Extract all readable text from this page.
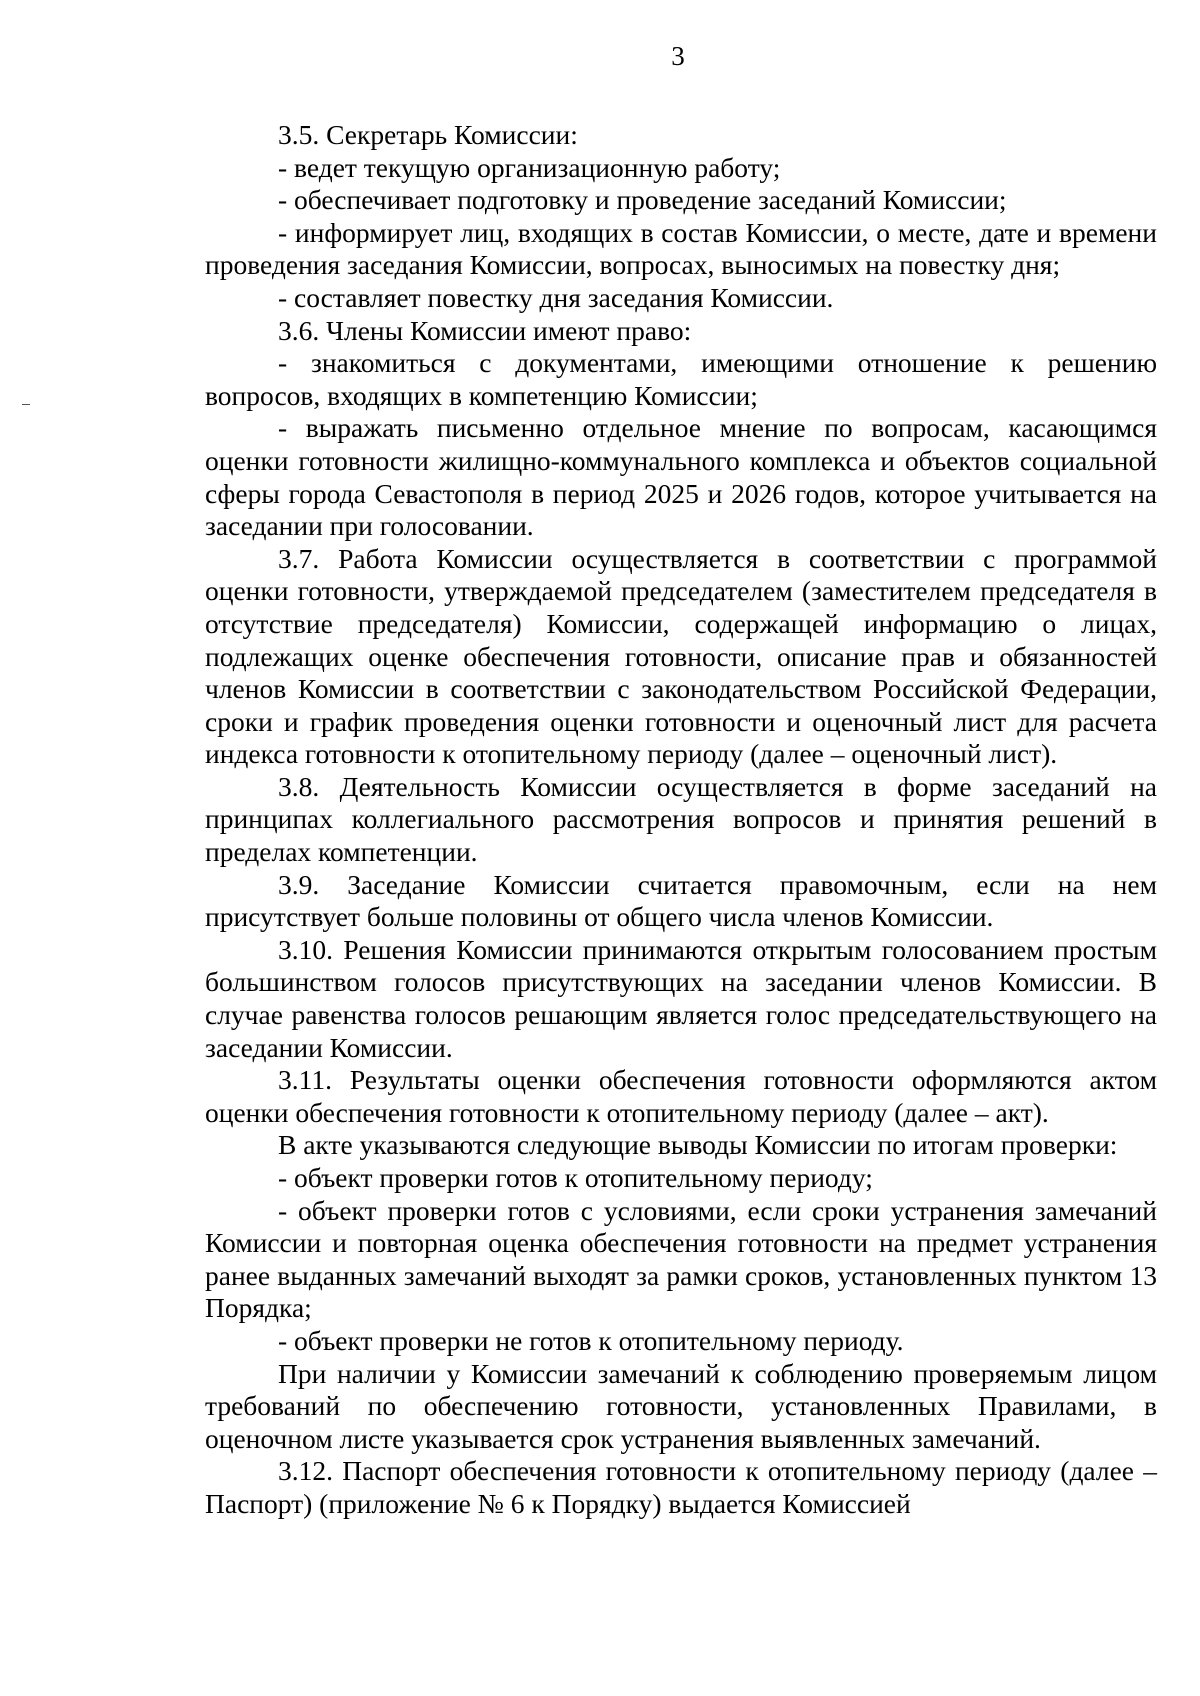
3

3.5. Секретарь Комиссии:

- ведет текущую организационную работу;

- обеспечивает подготовку и проведение заседаний Комиссии;

- информирует лиц, входящих в состав Комиссии, о месте, дате и времени проведения заседания Комиссии, вопросах, выносимых на повестку дня;

- составляет повестку дня заседания Комиссии.

3.6. Члены Комиссии имеют право:

- знакомиться с документами, имеющими отношение к решению вопросов, входящих в компетенцию Комиссии;

- выражать письменно отдельное мнение по вопросам, касающимся оценки готовности жилищно-коммунального комплекса и объектов социальной сферы города Севастополя в период 2025 и 2026 годов, которое учитывается на заседании при голосовании.

3.7. Работа Комиссии осуществляется в соответствии с программой оценки готовности, утверждаемой председателем (заместителем председателя в отсутствие председателя) Комиссии, содержащей информацию о лицах, подлежащих оценке обеспечения готовности, описание прав и обязанностей членов Комиссии в соответствии с законодательством Российской Федерации, сроки и график проведения оценки готовности и оценочный лист для расчета индекса готовности к отопительному периоду (далее – оценочный лист).

3.8. Деятельность Комиссии осуществляется в форме заседаний на принципах коллегиального рассмотрения вопросов и принятия решений в пределах компетенции.

3.9. Заседание Комиссии считается правомочным, если на нем присутствует больше половины от общего числа членов Комиссии.

3.10. Решения Комиссии принимаются открытым голосованием простым большинством голосов присутствующих на заседании членов Комиссии. В случае равенства голосов решающим является голос председательствующего на заседании Комиссии.

3.11. Результаты оценки обеспечения готовности оформляются актом оценки обеспечения готовности к отопительному периоду (далее – акт).

В акте указываются следующие выводы Комиссии по итогам проверки:

- объект проверки готов к отопительному периоду;

- объект проверки готов с условиями, если сроки устранения замечаний Комиссии и повторная оценка обеспечения готовности на предмет устранения ранее выданных замечаний выходят за рамки сроков, установленных пунктом 13 Порядка;

- объект проверки не готов к отопительному периоду.

При наличии у Комиссии замечаний к соблюдению проверяемым лицом требований по обеспечению готовности, установленных Правилами, в оценочном листе указывается срок устранения выявленных замечаний.

3.12. Паспорт обеспечения готовности к отопительному периоду (далее – Паспорт) (приложение № 6 к Порядку) выдается Комиссией
